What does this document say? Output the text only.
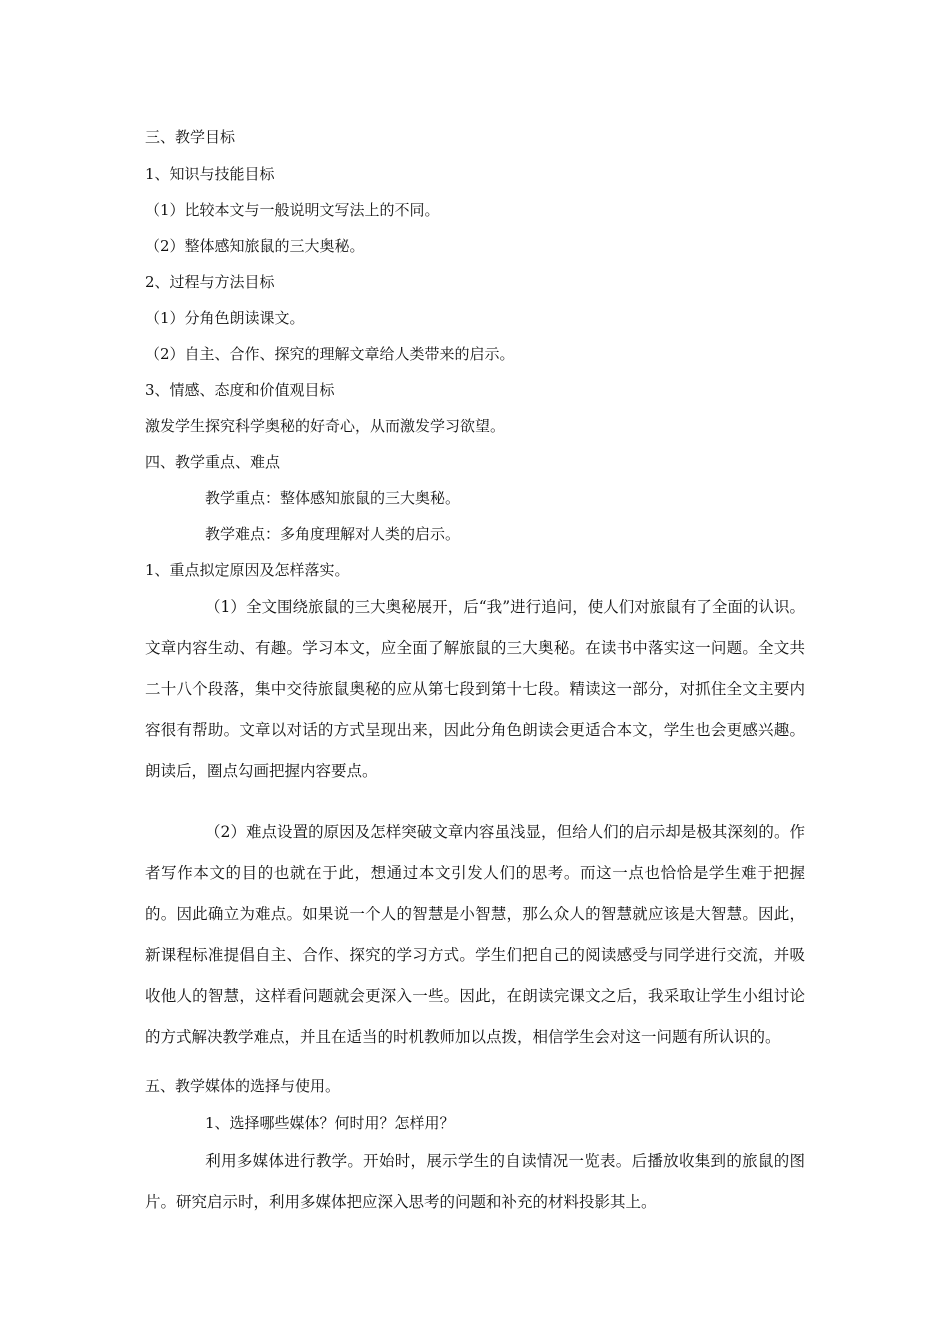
三、教学目标
1、知识与技能目标
（1）比较本文与一般说明文写法上的不同。
（2）整体感知旅鼠的三大奥秘。
2、过程与方法目标
（1）分角色朗读课文。
（2）自主、合作、探究的理解文章给人类带来的启示。
3、情感、态度和价值观目标
激发学生探究科学奥秘的好奇心，从而激发学习欲望。
四、教学重点、难点
教学重点：整体感知旅鼠的三大奥秘。
教学难点：多角度理解对人类的启示。
1、重点拟定原因及怎样落实。
（1）全文围绕旅鼠的三大奥秘展开，后“我”进行追问，使人们对旅鼠有了全面的认识。文章内容生动、有趣。学习本文，应全面了解旅鼠的三大奥秘。在读书中落实这一问题。全文共二十八个段落，集中交待旅鼠奥秘的应从第七段到第十七段。精读这一部分，对抓住全文主要内容很有帮助。文章以对话的方式呈现出来，因此分角色朗读会更适合本文，学生也会更感兴趣。朗读后，圈点勾画把握内容要点。
（2）难点设置的原因及怎样突破文章内容虽浅显，但给人们的启示却是极其深刻的。作者写作本文的目的也就在于此，想通过本文引发人们的思考。而这一点也恰恰是学生难于把握的。因此确立为难点。如果说一个人的智慧是小智慧，那么众人的智慧就应该是大智慧。因此，新课程标准提倡自主、合作、探究的学习方式。学生们把自己的阅读感受与同学进行交流，并吸收他人的智慧，这样看问题就会更深入一些。因此，在朗读完课文之后，我采取让学生小组讨论的方式解决教学难点，并且在适当的时机教师加以点拨，相信学生会对这一问题有所认识的。
五、教学媒体的选择与使用。
1、选择哪些媒体？何时用？怎样用？
利用多媒体进行教学。开始时，展示学生的自读情况一览表。后播放收集到的旅鼠的图片。研究启示时，利用多媒体把应深入思考的问题和补充的材料投影其上。
